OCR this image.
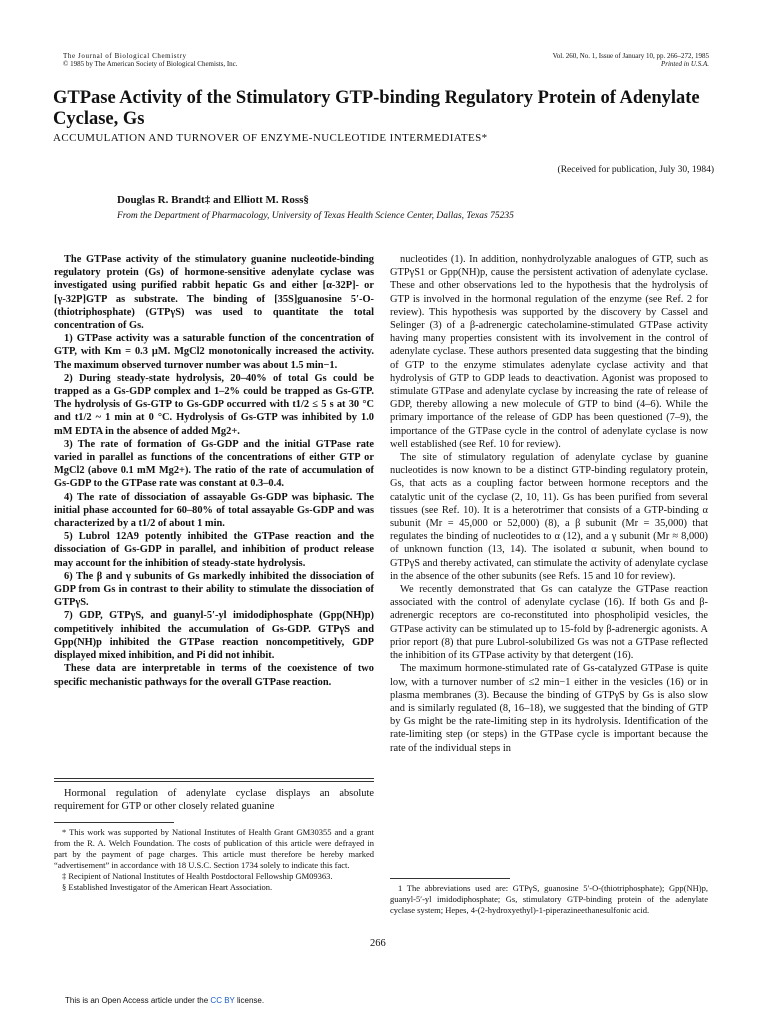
The Journal of Biological Chemistry
© 1985 by The American Society of Biological Chemists, Inc.
Vol. 260, No. 1, Issue of January 10, pp. 266–272, 1985
Printed in U.S.A.
GTPase Activity of the Stimulatory GTP-binding Regulatory Protein of Adenylate Cyclase, Gs
ACCUMULATION AND TURNOVER OF ENZYME-NUCLEOTIDE INTERMEDIATES*
(Received for publication, July 30, 1984)
Douglas R. Brandt‡ and Elliott M. Ross§
From the Department of Pharmacology, University of Texas Health Science Center, Dallas, Texas 75235

The GTPase activity of the stimulatory guanine nucleotide-binding regulatory protein (Gs) of hormone-sensitive adenylate cyclase was investigated using purified rabbit hepatic Gs and either [α-32P]- or [γ-32P]GTP as substrate. The binding of [35S]guanosine 5′-O-(thiotriphosphate) (GTPγS) was used to quantitate the total concentration of Gs.

1) GTPase activity was a saturable function of the concentration of GTP, with Km = 0.3 μM. MgCl2 monotonically increased the activity. The maximum observed turnover number was about 1.5 min−1.

2) During steady-state hydrolysis, 20–40% of total Gs could be trapped as a Gs-GDP complex and 1–2% could be trapped as Gs-GTP. The hydrolysis of Gs-GTP to Gs-GDP occurred with t1/2 ≤ 5 s at 30 °C and t1/2 ~ 1 min at 0 °C. Hydrolysis of Gs-GTP was inhibited by 1.0 mM EDTA in the absence of added Mg2+.

3) The rate of formation of Gs-GDP and the initial GTPase rate varied in parallel as functions of the concentrations of either GTP or MgCl2 (above 0.1 mM Mg2+). The ratio of the rate of accumulation of Gs-GDP to the GTPase rate was constant at 0.3–0.4.

4) The rate of dissociation of assayable Gs-GDP was biphasic. The initial phase accounted for 60–80% of total assayable Gs-GDP and was characterized by a t1/2 of about 1 min.

5) Lubrol 12A9 potently inhibited the GTPase reaction and the dissociation of Gs-GDP in parallel, and inhibition of product release may account for the inhibition of steady-state hydrolysis.

6) The β and γ subunits of Gs markedly inhibited the dissociation of GDP from Gs in contrast to their ability to stimulate the dissociation of GTPγS.

7) GDP, GTPγS, and guanyl-5′-yl imidodiphosphate (Gpp(NH)p) competitively inhibited the accumulation of Gs-GDP. GTPγS and Gpp(NH)p inhibited the GTPase reaction noncompetitively, GDP displayed mixed inhibition, and Pi did not inhibit.

These data are interpretable in terms of the coexistence of two specific mechanistic pathways for the overall GTPase reaction.

Hormonal regulation of adenylate cyclase displays an absolute requirement for GTP or other closely related guanine

* This work was supported by National Institutes of Health Grant GM30355 and a grant from the R. A. Welch Foundation. The costs of publication of this article were defrayed in part by the payment of page charges. This article must therefore be hereby marked “advertisement” in accordance with 18 U.S.C. Section 1734 solely to indicate this fact.

‡ Recipient of National Institutes of Health Postdoctoral Fellowship GM09363.

§ Established Investigator of the American Heart Association.

nucleotides (1). In addition, nonhydrolyzable analogues of GTP, such as GTPγS1 or Gpp(NH)p, cause the persistent activation of adenylate cyclase. These and other observations led to the hypothesis that the hydrolysis of GTP is involved in the hormonal regulation of the enzyme (see Ref. 2 for review). This hypothesis was supported by the discovery by Cassel and Selinger (3) of a β-adrenergic catecholamine-stimulated GTPase activity having many properties consistent with its involvement in the control of adenylate cyclase. These authors presented data suggesting that the binding of GTP to the enzyme stimulates adenylate cyclase activity and that hydrolysis of GTP to GDP leads to deactivation. Agonist was proposed to stimulate GTPase and adenylate cyclase by increasing the rate of release of GDP, thereby allowing a new molecule of GTP to bind (4–6). While the primary importance of the release of GDP has been questioned (7–9), the importance of the GTPase cycle in the control of adenylate cyclase is now well established (see Ref. 10 for review).

The site of stimulatory regulation of adenylate cyclase by guanine nucleotides is now known to be a distinct GTP-binding regulatory protein, Gs, that acts as a coupling factor between hormone receptors and the catalytic unit of the cyclase (2, 10, 11). Gs has been purified from several tissues (see Ref. 10). It is a heterotrimer that consists of a GTP-binding α subunit (Mr = 45,000 or 52,000) (8), a β subunit (Mr = 35,000) that regulates the binding of nucleotides to α (12), and a γ subunit (Mr ≈ 8,000) of unknown function (13, 14). The isolated α subunit, when bound to GTPγS and thereby activated, can stimulate the activity of adenylate cyclase in the absence of the other subunits (see Refs. 15 and 10 for review).

We recently demonstrated that Gs can catalyze the GTPase reaction associated with the control of adenylate cyclase (16). If both Gs and β-adrenergic receptors are co-reconstituted into phospholipid vesicles, the GTPase activity can be stimulated up to 15-fold by β-adrenergic agonists. A prior report (8) that pure Lubrol-solubilized Gs was not a GTPase reflected the inhibition of its GTPase activity by that detergent (16).

The maximum hormone-stimulated rate of Gs-catalyzed GTPase is quite low, with a turnover number of ≤2 min−1 either in the vesicles (16) or in plasma membranes (3). Because the binding of GTPγS by Gs is also slow and is similarly regulated (8, 16–18), we suggested that the binding of GTP by Gs might be the rate-limiting step in its hydrolysis. Identification of the rate-limiting step (or steps) in the GTPase cycle is important because the rate of the individual steps in

1 The abbreviations used are: GTPγS, guanosine 5′-O-(thiotriphosphate); Gpp(NH)p, guanyl-5′-yl imidodiphosphate; Gs, stimulatory GTP-binding protein of the adenylate cyclase system; Hepes, 4-(2-hydroxyethyl)-1-piperazineethanesulfonic acid.

266
This is an Open Access article under the CC BY license.
